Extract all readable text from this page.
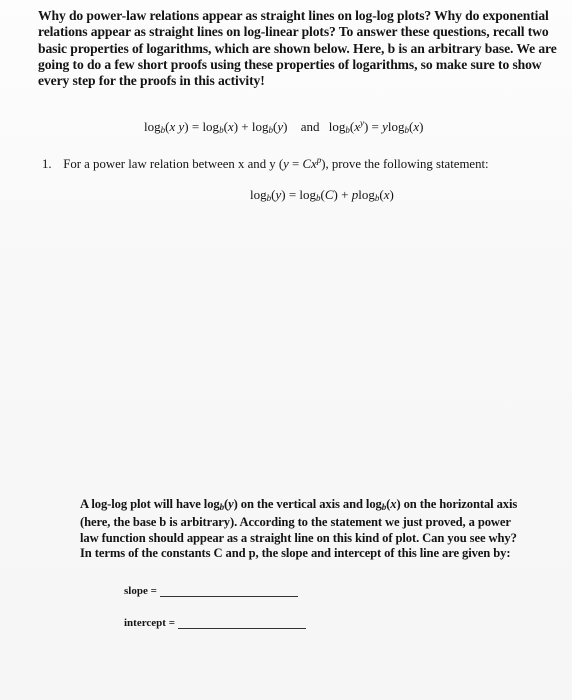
Why do power-law relations appear as straight lines on log-log plots? Why do exponential relations appear as straight lines on log-linear plots? To answer these questions, recall two basic properties of logarithms, which are shown below. Here, b is an arbitrary base. We are going to do a few short proofs using these properties of logarithms, so make sure to show every step for the proofs in this activity!
$\log_b(x$ $y) = \log_b(x) + \log_b(y)$ and $\log_b(x^y) = ylog_b(x)$
1. For a power law relation between x and y $(y = Cx^p)$, prove the following statement:
$\log_b(y) = \log_b(C) + plog_b(x)$
A log-log plot will have $\log_b(y)$ on the vertical axis and $\log_b(x)$ on the horizontal axis (here, the base b is arbitrary). According to the statement we just proved, a power law function should appear as a straight line on this kind of plot. Can you see why? In terms of the constants C and p, the slope and intercept of this line are given by:
slope =
intercept =
